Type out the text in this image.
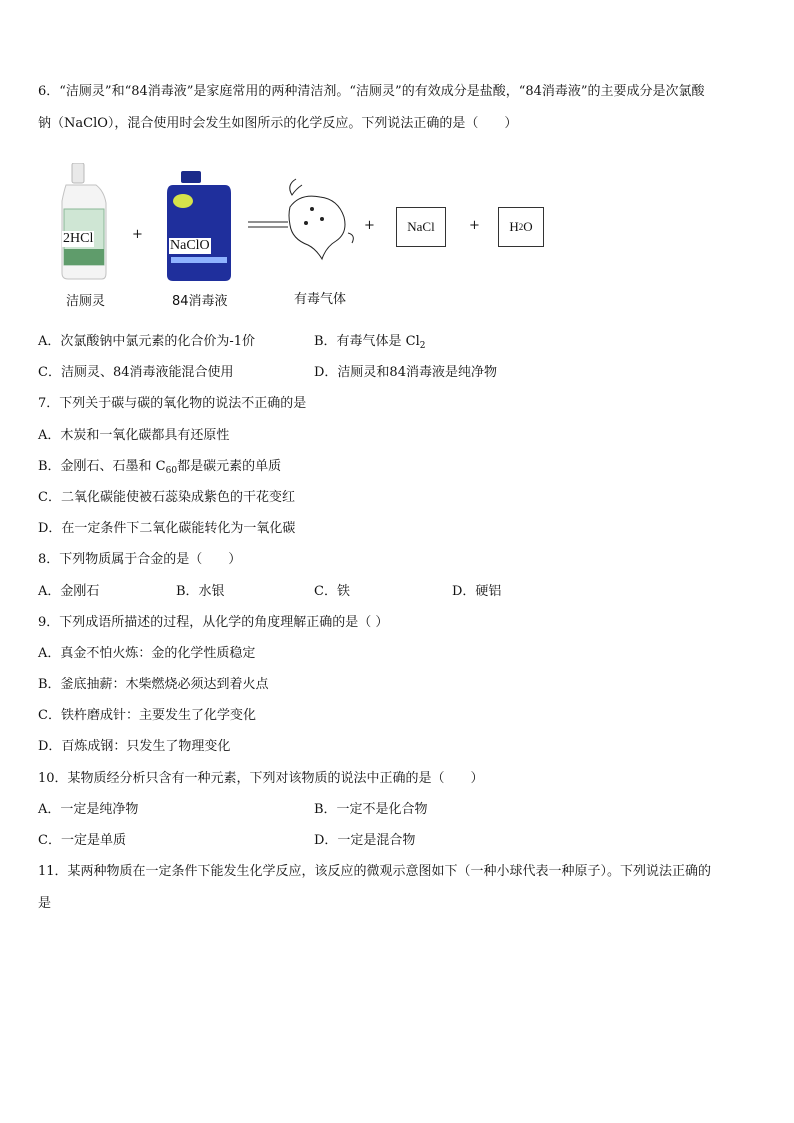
6．“洁厕灵”和“84消毒液”是家庭常用的两种清洁剂。“洁厕灵”的有效成分是盐酸，“84消毒液”的主要成分是次氯酸
钠（NaClO），混合使用时会发生如图所示的化学反应。下列说法正确的是（　　）
2HCl
洁厕灵
+
NaClO
84消毒液	有毒气体
+ NaCl	+ H 2 O
A．次氯酸钠中氯元素的化合价为-1价	B．有毒气体是 $Cl_2$
C．洁厕灵、84消毒液能混合使用	D．洁厕灵和84消毒液是纯净物
7．下列关于碳与碳的氧化物的说法不正确的是
A．木炭和一氧化碳都具有还原性
B．金刚石、石墨和 $C_{60}$都是碳元素的单质
C．二氧化碳能使被石蕊染成紫色的干花变红
D．在一定条件下二氧化碳能转化为一氧化碳
8．下列物质属于合金的是（　　）
A．金刚石	B．水银	C．铁	D．硬铝
9．下列成语所描述的过程，从化学的角度理解正确的是（ ）
A．真金不怕火炼：金的化学性质稳定
B．釜底抽薪：木柴燃烧必须达到着火点
C．铁杵磨成针：主要发生了化学变化
D．百炼成钢：只发生了物理变化
10．某物质经分析只含有一种元素，下列对该物质的说法中正确的是（　　）
A．一定是纯净物	B．一定不是化合物
C．一定是单质	D．一定是混合物
11．某两种物质在一定条件下能发生化学反应，该反应的微观示意图如下（一种小球代表一种原子）。下列说法正确的
是
